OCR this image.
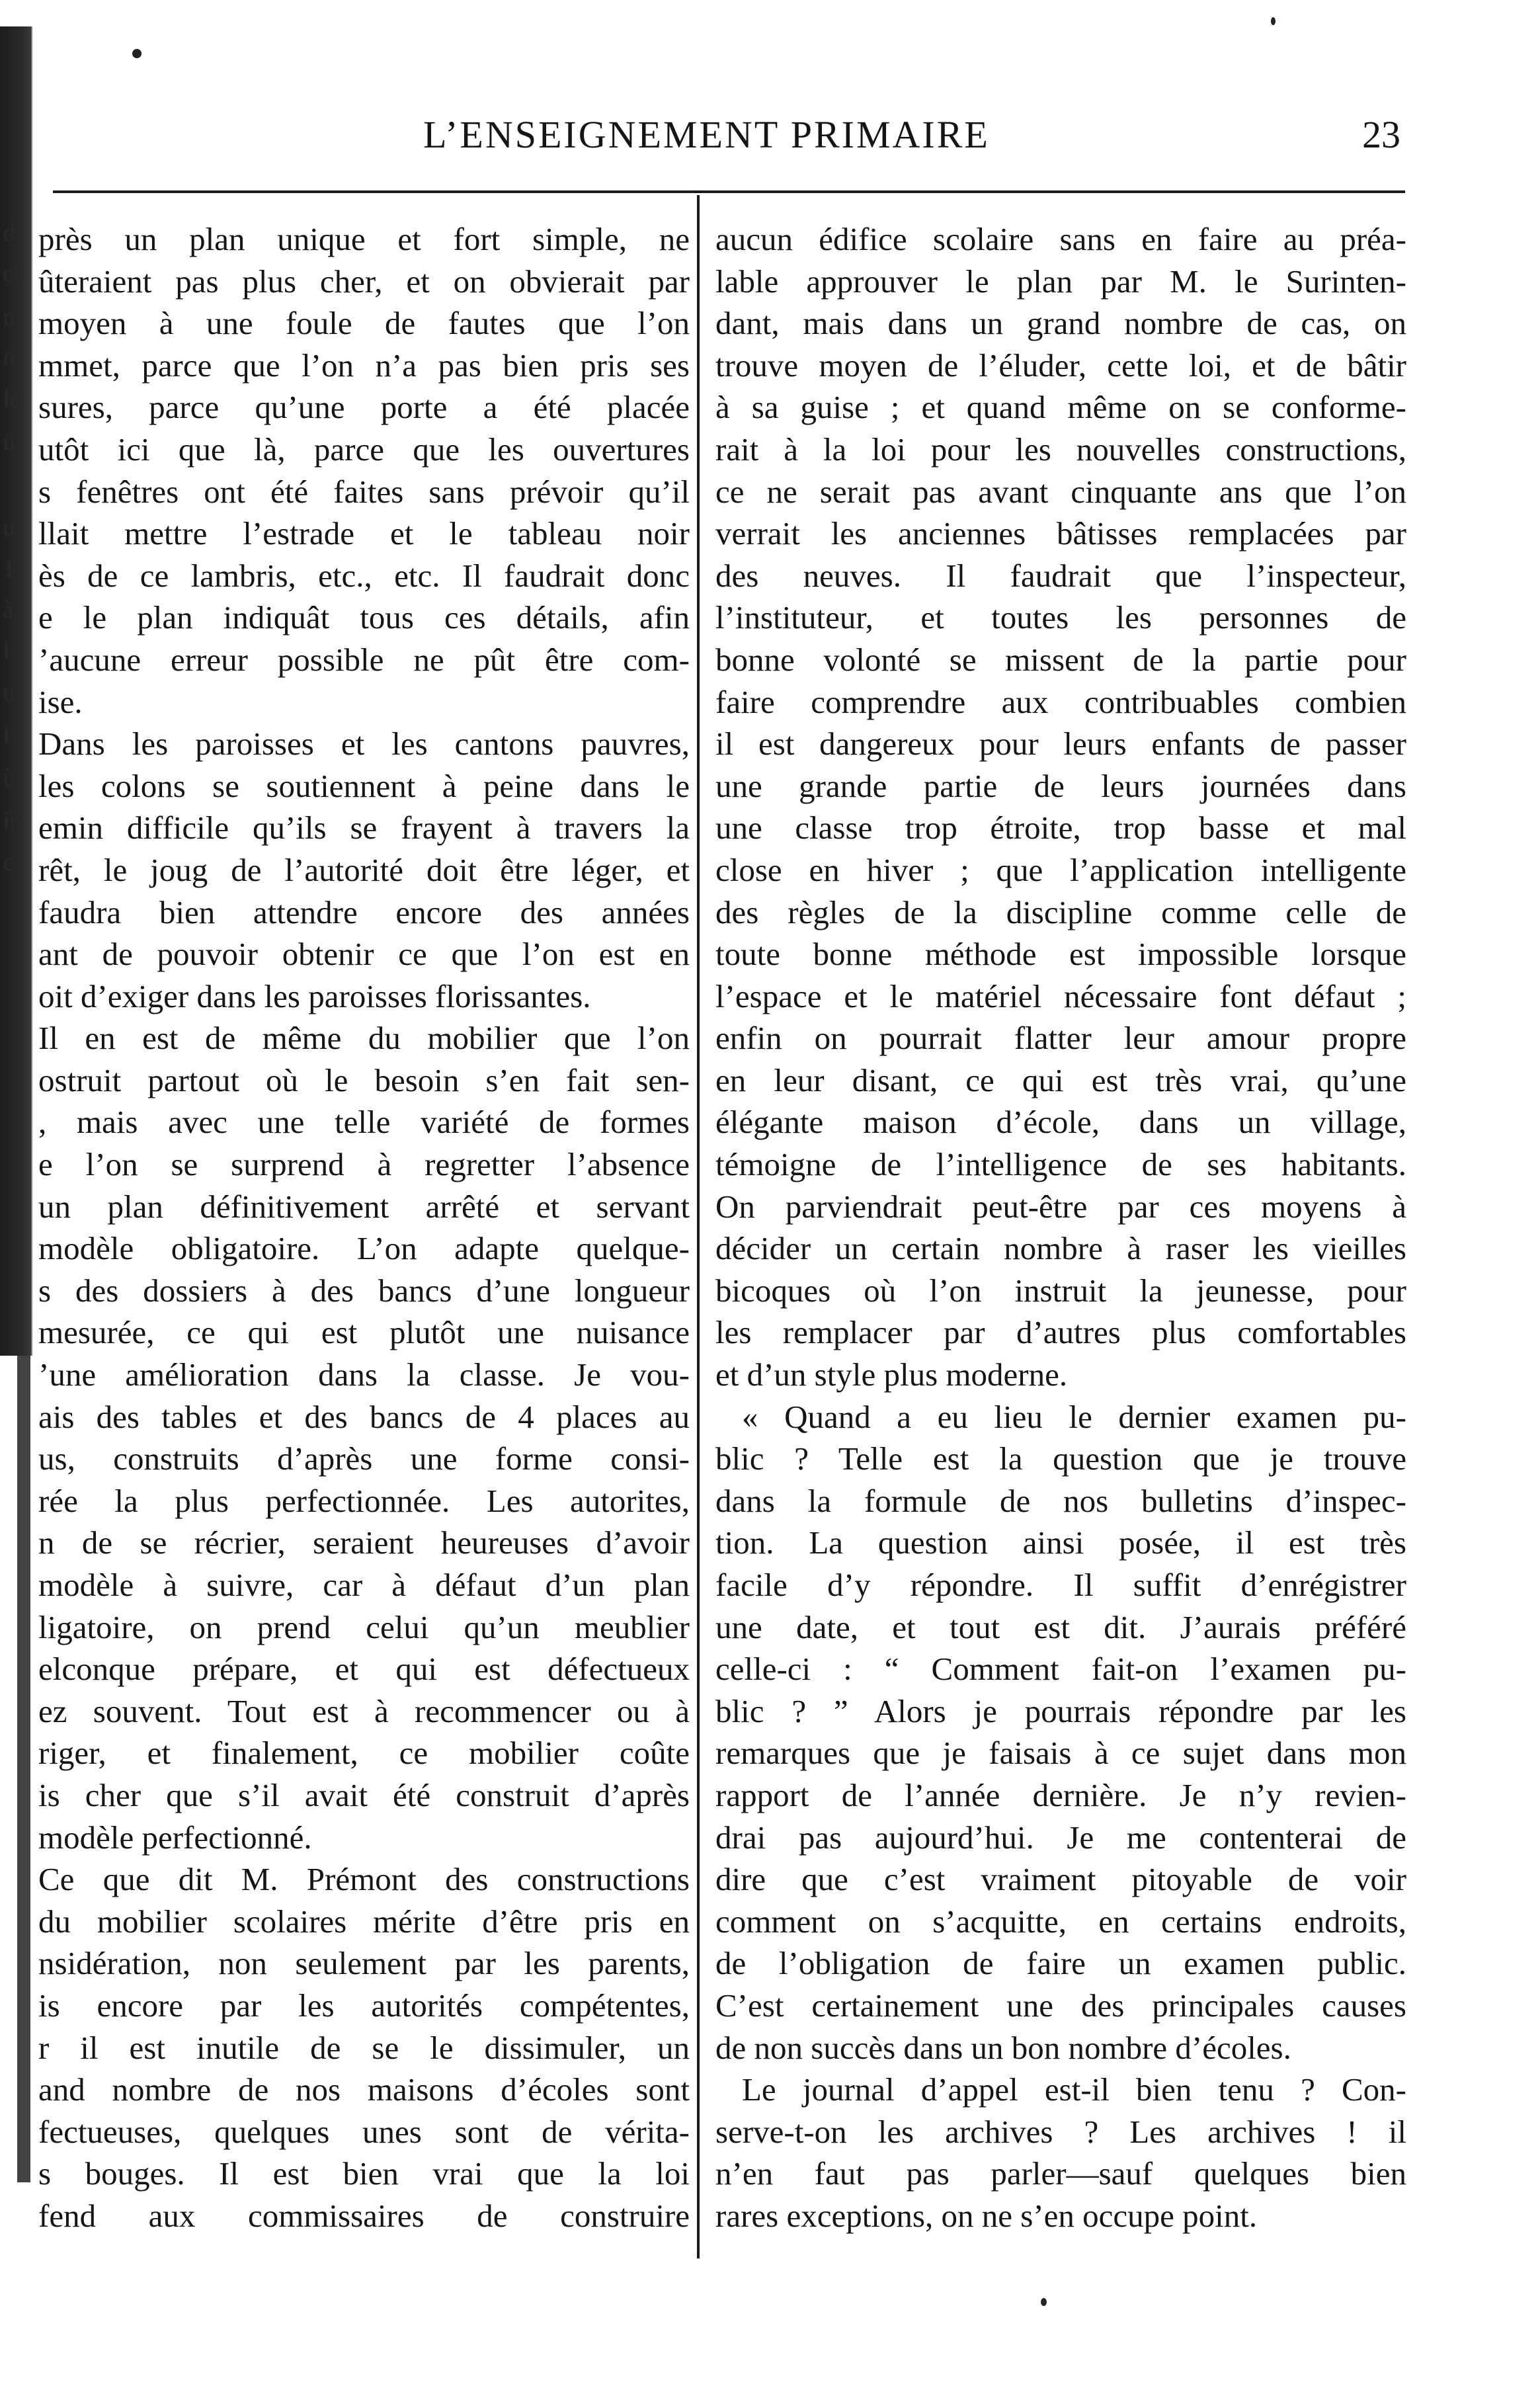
d
ci
n
ni
le
u
u
1
à
l
u
l
ù
ir
c
L’ENSEIGNEMENT PRIMAIRE	23
près un plan unique et fort simple, ne
ûteraient pas plus cher, et on obvierait par
moyen à une foule de fautes que l’on
mmet, parce que l’on n’a pas bien pris ses
sures, parce qu’une porte a été placée
utôt ici que là, parce que les ouvertures
s fenêtres ont été faites sans prévoir qu’il
llait mettre l’estrade et le tableau noir
ès de ce lambris, etc., etc. Il faudrait donc
e le plan indiquât tous ces détails, afin
’aucune erreur possible ne pût être com-
ise.
Dans les paroisses et les cantons pauvres,
les colons se soutiennent à peine dans le
emin difficile qu’ils se frayent à travers la
rêt, le joug de l’autorité doit être léger, et
faudra bien attendre encore des années
ant de pouvoir obtenir ce que l’on est en
oit d’exiger dans les paroisses florissantes.
Il en est de même du mobilier que l’on
ostruit partout où le besoin s’en fait sen-
, mais avec une telle variété de formes
e l’on se surprend à regretter l’absence
un plan définitivement arrêté et servant
modèle obligatoire. L’on adapte quelque-
s des dossiers à des bancs d’une longueur
mesurée, ce qui est plutôt une nuisance
’une amélioration dans la classe. Je vou-
ais des tables et des bancs de 4 places au
us, construits d’après une forme consi-
rée la plus perfectionnée. Les autorites,
n de se récrier, seraient heureuses d’avoir
modèle à suivre, car à défaut d’un plan
ligatoire, on prend celui qu’un meublier
elconque prépare, et qui est défectueux
ez souvent. Tout est à recommencer ou à
riger, et finalement, ce mobilier coûte
is cher que s’il avait été construit d’après
modèle perfectionné.
Ce que dit M. Prémont des constructions
du mobilier scolaires mérite d’être pris en
nsidération, non seulement par les parents,
is encore par les autorités compétentes,
r il est inutile de se le dissimuler, un
and nombre de nos maisons d’écoles sont
fectueuses, quelques unes sont de vérita-
s bouges. Il est bien vrai que la loi
fend aux commissaires de construire
aucun édifice scolaire sans en faire au préa-
lable approuver le plan par M. le Surinten-
dant, mais dans un grand nombre de cas, on
trouve moyen de l’éluder, cette loi, et de bâtir
à sa guise ; et quand même on se conforme-
rait à la loi pour les nouvelles constructions,
ce ne serait pas avant cinquante ans que l’on
verrait les anciennes bâtisses remplacées par
des neuves. Il faudrait que l’inspecteur,
l’instituteur, et toutes les personnes de
bonne volonté se missent de la partie pour
faire comprendre aux contribuables combien
il est dangereux pour leurs enfants de passer
une grande partie de leurs journées dans
une classe trop étroite, trop basse et mal
close en hiver ; que l’application intelligente
des règles de la discipline comme celle de
toute bonne méthode est impossible lorsque
l’espace et le matériel nécessaire font défaut ;
enfin on pourrait flatter leur amour propre
en leur disant, ce qui est très vrai, qu’une
élégante maison d’école, dans un village,
témoigne de l’intelligence de ses habitants.
On parviendrait peut-être par ces moyens à
décider un certain nombre à raser les vieilles
bicoques où l’on instruit la jeunesse, pour
les remplacer par d’autres plus comfortables
et d’un style plus moderne.
« Quand a eu lieu le dernier examen pu-
blic ? Telle est la question que je trouve
dans la formule de nos bulletins d’inspec-
tion. La question ainsi posée, il est très
facile d’y répondre. Il suffit d’enrégistrer
une date, et tout est dit. J’aurais préféré
celle-ci : “ Comment fait-on l’examen pu-
blic ? ” Alors je pourrais répondre par les
remarques que je faisais à ce sujet dans mon
rapport de l’année dernière. Je n’y revien-
drai pas aujourd’hui. Je me contenterai de
dire que c’est vraiment pitoyable de voir
comment on s’acquitte, en certains endroits,
de l’obligation de faire un examen public.
C’est certainement une des principales causes
de non succès dans un bon nombre d’écoles.
Le journal d’appel est-il bien tenu ? Con-
serve-t-on les archives ? Les archives ! il
n’en faut pas parler—sauf quelques bien
rares exceptions, on ne s’en occupe point.
